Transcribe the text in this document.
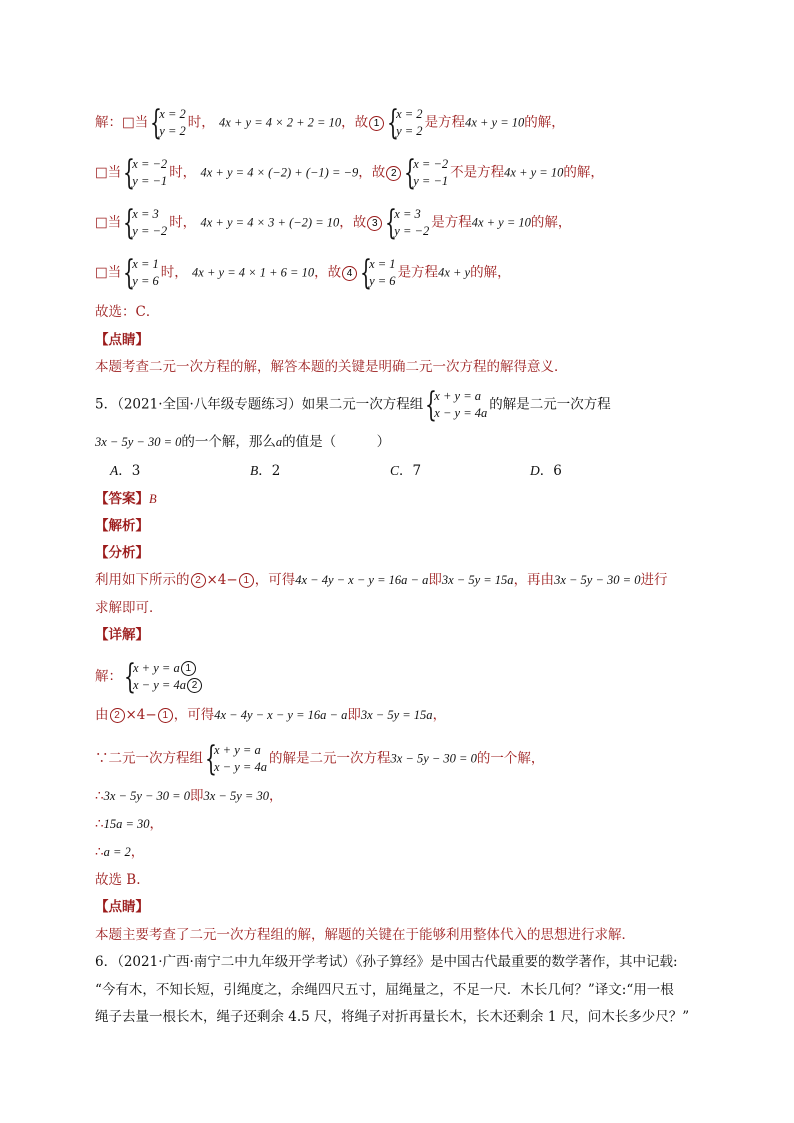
解：□当 {
x = 2
y = 2
时， 4x + y = 4 × 2 + 2 = 10，故 1 {
x = 2
y = 2
是方程4x + y = 10的解，
□当 {
x = −2
y = −1
时， 4x + y = 4 × (−2) + (−1) = −9，故 2 {
x = −2
y = −1
不是方程4x + y = 10的解，
□当 {
x = 3
y = −2
时， 4x + y = 4 × 3 + (−2) = 10，故 3 {
x = 3
y = −2
是方程4x + y = 10的解，
□当 {
x = 1
y = 6
时， 4x + y = 4 × 1 + 6 = 10，故 4 {
x = 1
y = 6
是方程4x + y的解，
故选：C．
【点睛】
本题考查二元一次方程的解，解答本题的关键是明确二元一次方程的解得意义．
5．（2021·全国·八年级专题练习）如果二元一次方程组 {
x + y = a
x − y = 4a
的解是二元一次方程
3x − 5y − 30 = 0的一个解，那么a的值是（　　　）
A．3	B．2	C．7	D．6
【答案】B
【解析】
【分析】
利用如下所示的 2 ×4− 1 ，可得4x − 4y − x − y = 16a − a即3x − 5y = 15a，再由3x − 5y − 30 = 0进行
求解即可．
【详解】
解： {
x + y = a 1
x − y = 4a 2
由 2 ×4− 1 ，可得4x − 4y − x − y = 16a − a即3x − 5y = 15a，
∵二元一次方程组 {
x + y = a
x − y = 4a
的解是二元一次方程3x − 5y − 30 = 0的一个解，
∴3x − 5y − 30 = 0即3x − 5y = 30，
∴15a = 30，
∴a = 2，
故选 B.
【点睛】
本题主要考查了二元一次方程组的解，解题的关键在于能够利用整体代入的思想进行求解．
6．（2021·广西·南宁二中九年级开学考试）《孙子算经》是中国古代最重要的数学著作，其中记载:
“今有木，不知长短，引绳度之，余绳四尺五寸，屈绳量之，不足一尺．木长几何？”译文:“用一根
绳子去量一根长木，绳子还剩余 4.5 尺，将绳子对折再量长木，长木还剩余 1 尺，问木长多少尺？”
